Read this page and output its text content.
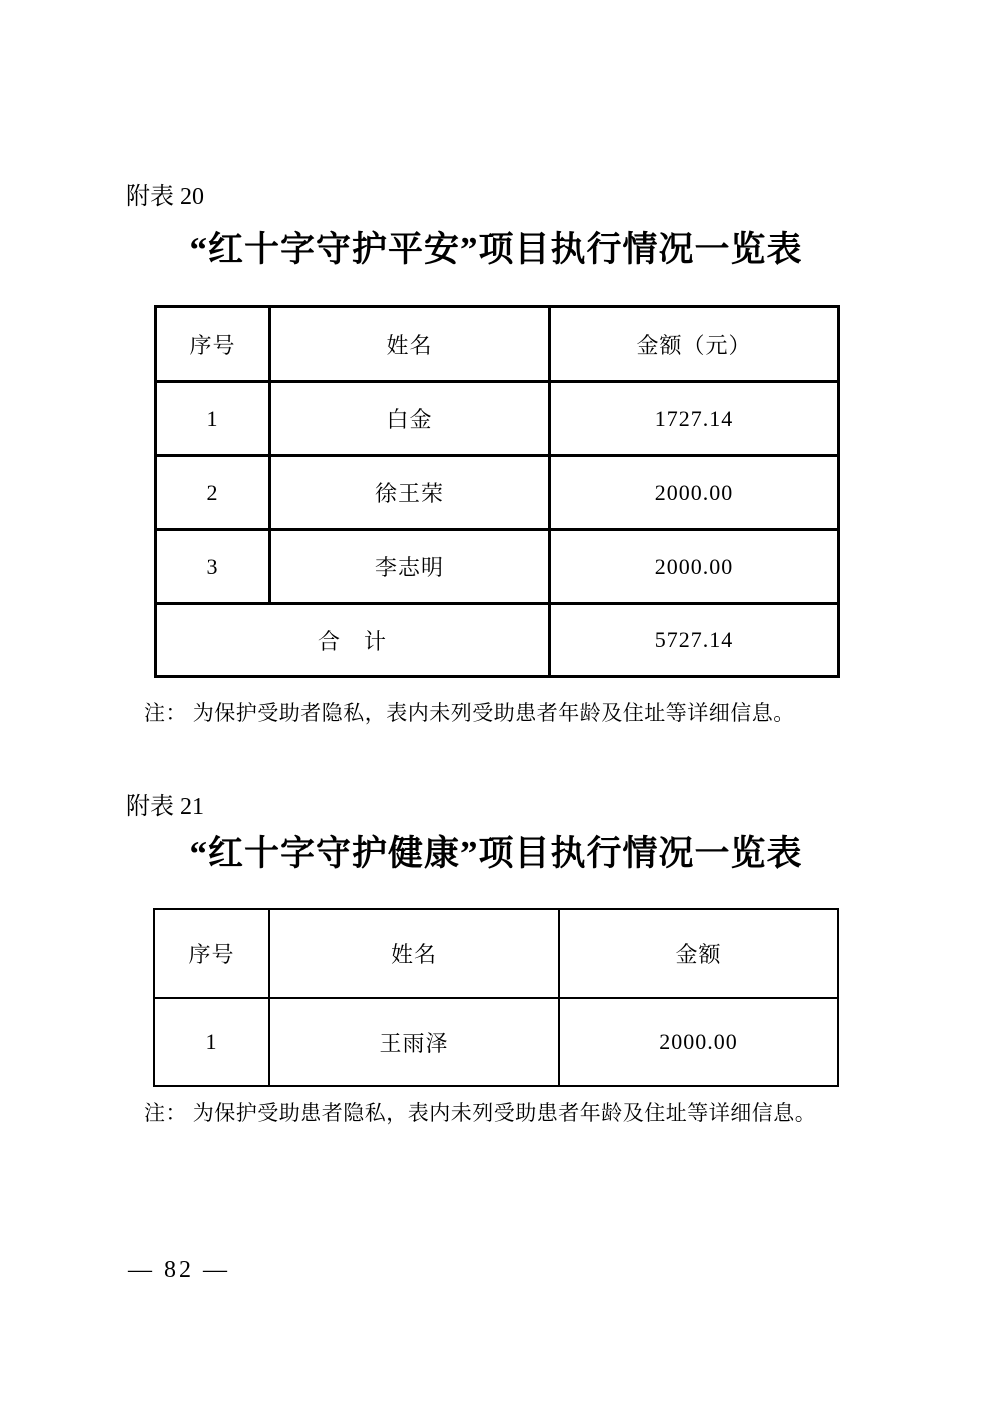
附表 20
“红十字守护平安”项目执行情况一览表
序号	姓名	金额（元）
1	白金	1727.14
2	徐王荣	2000.00
3	李志明	2000.00
合　计		5727.14
注： 为保护受助者隐私，表内未列受助患者年龄及住址等详细信息。
附表 21
“红十字守护健康”项目执行情况一览表
序号	姓名	金额
1	王雨泽	2000.00
注： 为保护受助患者隐私，表内未列受助患者年龄及住址等详细信息。
— 82 —
